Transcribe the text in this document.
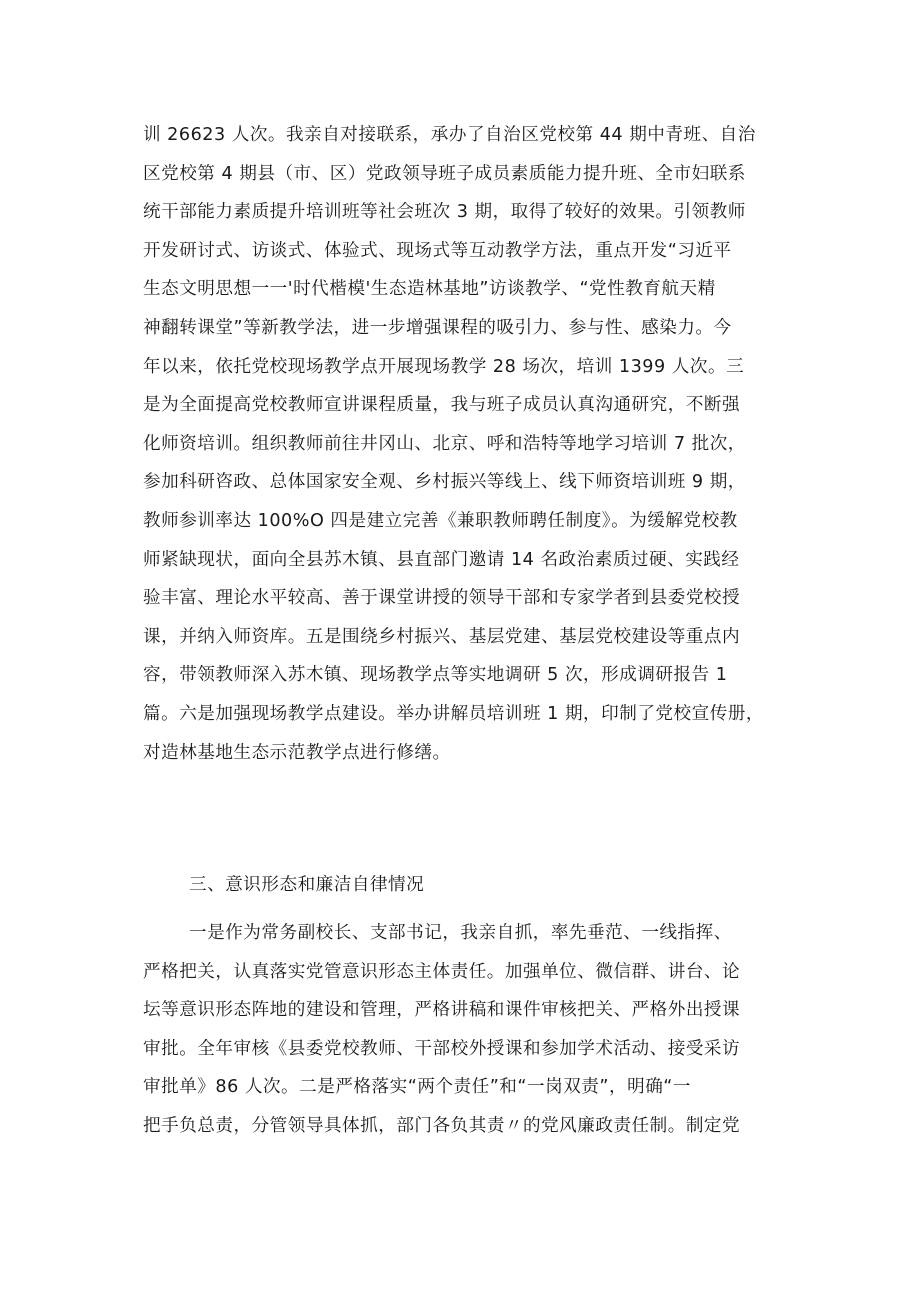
训 26623 人次。我亲自对接联系，承办了自治区党校第 44 期中青班、自治
区党校第 4 期县（市、区）党政领导班子成员素质能力提升班、全市妇联系
统干部能力素质提升培训班等社会班次 3 期，取得了较好的效果。引领教师
开发研讨式、访谈式、体验式、现场式等互动教学方法，重点开发“习近平
生态文明思想一一'时代楷模'生态造林基地”访谈教学、“党性教育航天精
神翻转课堂”等新教学法，进一步增强课程的吸引力、参与性、感染力。今
年以来，依托党校现场教学点开展现场教学 28 场次，培训 1399 人次。三
是为全面提高党校教师宣讲课程质量，我与班子成员认真沟通研究，不断强
化师资培训。组织教师前往井冈山、北京、呼和浩特等地学习培训 7 批次，
参加科研咨政、总体国家安全观、乡村振兴等线上、线下师资培训班 9 期，
教师参训率达 100%O 四是建立完善《兼职教师聘任制度》。为缓解党校教
师紧缺现状，面向全县苏木镇、县直部门邀请 14 名政治素质过硬、实践经
验丰富、理论水平较高、善于课堂讲授的领导干部和专家学者到县委党校授
课，并纳入师资库。五是围绕乡村振兴、基层党建、基层党校建设等重点内
容，带领教师深入苏木镇、现场教学点等实地调研 5 次，形成调研报告 1
篇。六是加强现场教学点建设。举办讲解员培训班 1 期，印制了党校宣传册，
对造林基地生态示范教学点进行修缮。
三、意识形态和廉洁自律情况
一是作为常务副校长、支部书记，我亲自抓，率先垂范、一线指挥、
严格把关，认真落实党管意识形态主体责任。加强单位、微信群、讲台、论
坛等意识形态阵地的建设和管理，严格讲稿和课件审核把关、严格外出授课
审批。全年审核《县委党校教师、干部校外授课和参加学术活动、接受采访
审批单》86 人次。二是严格落实“两个责任”和“一岗双责”，明确“一
把手负总责，分管领导具体抓，部门各负其责〃的党风廉政责任制。制定党
